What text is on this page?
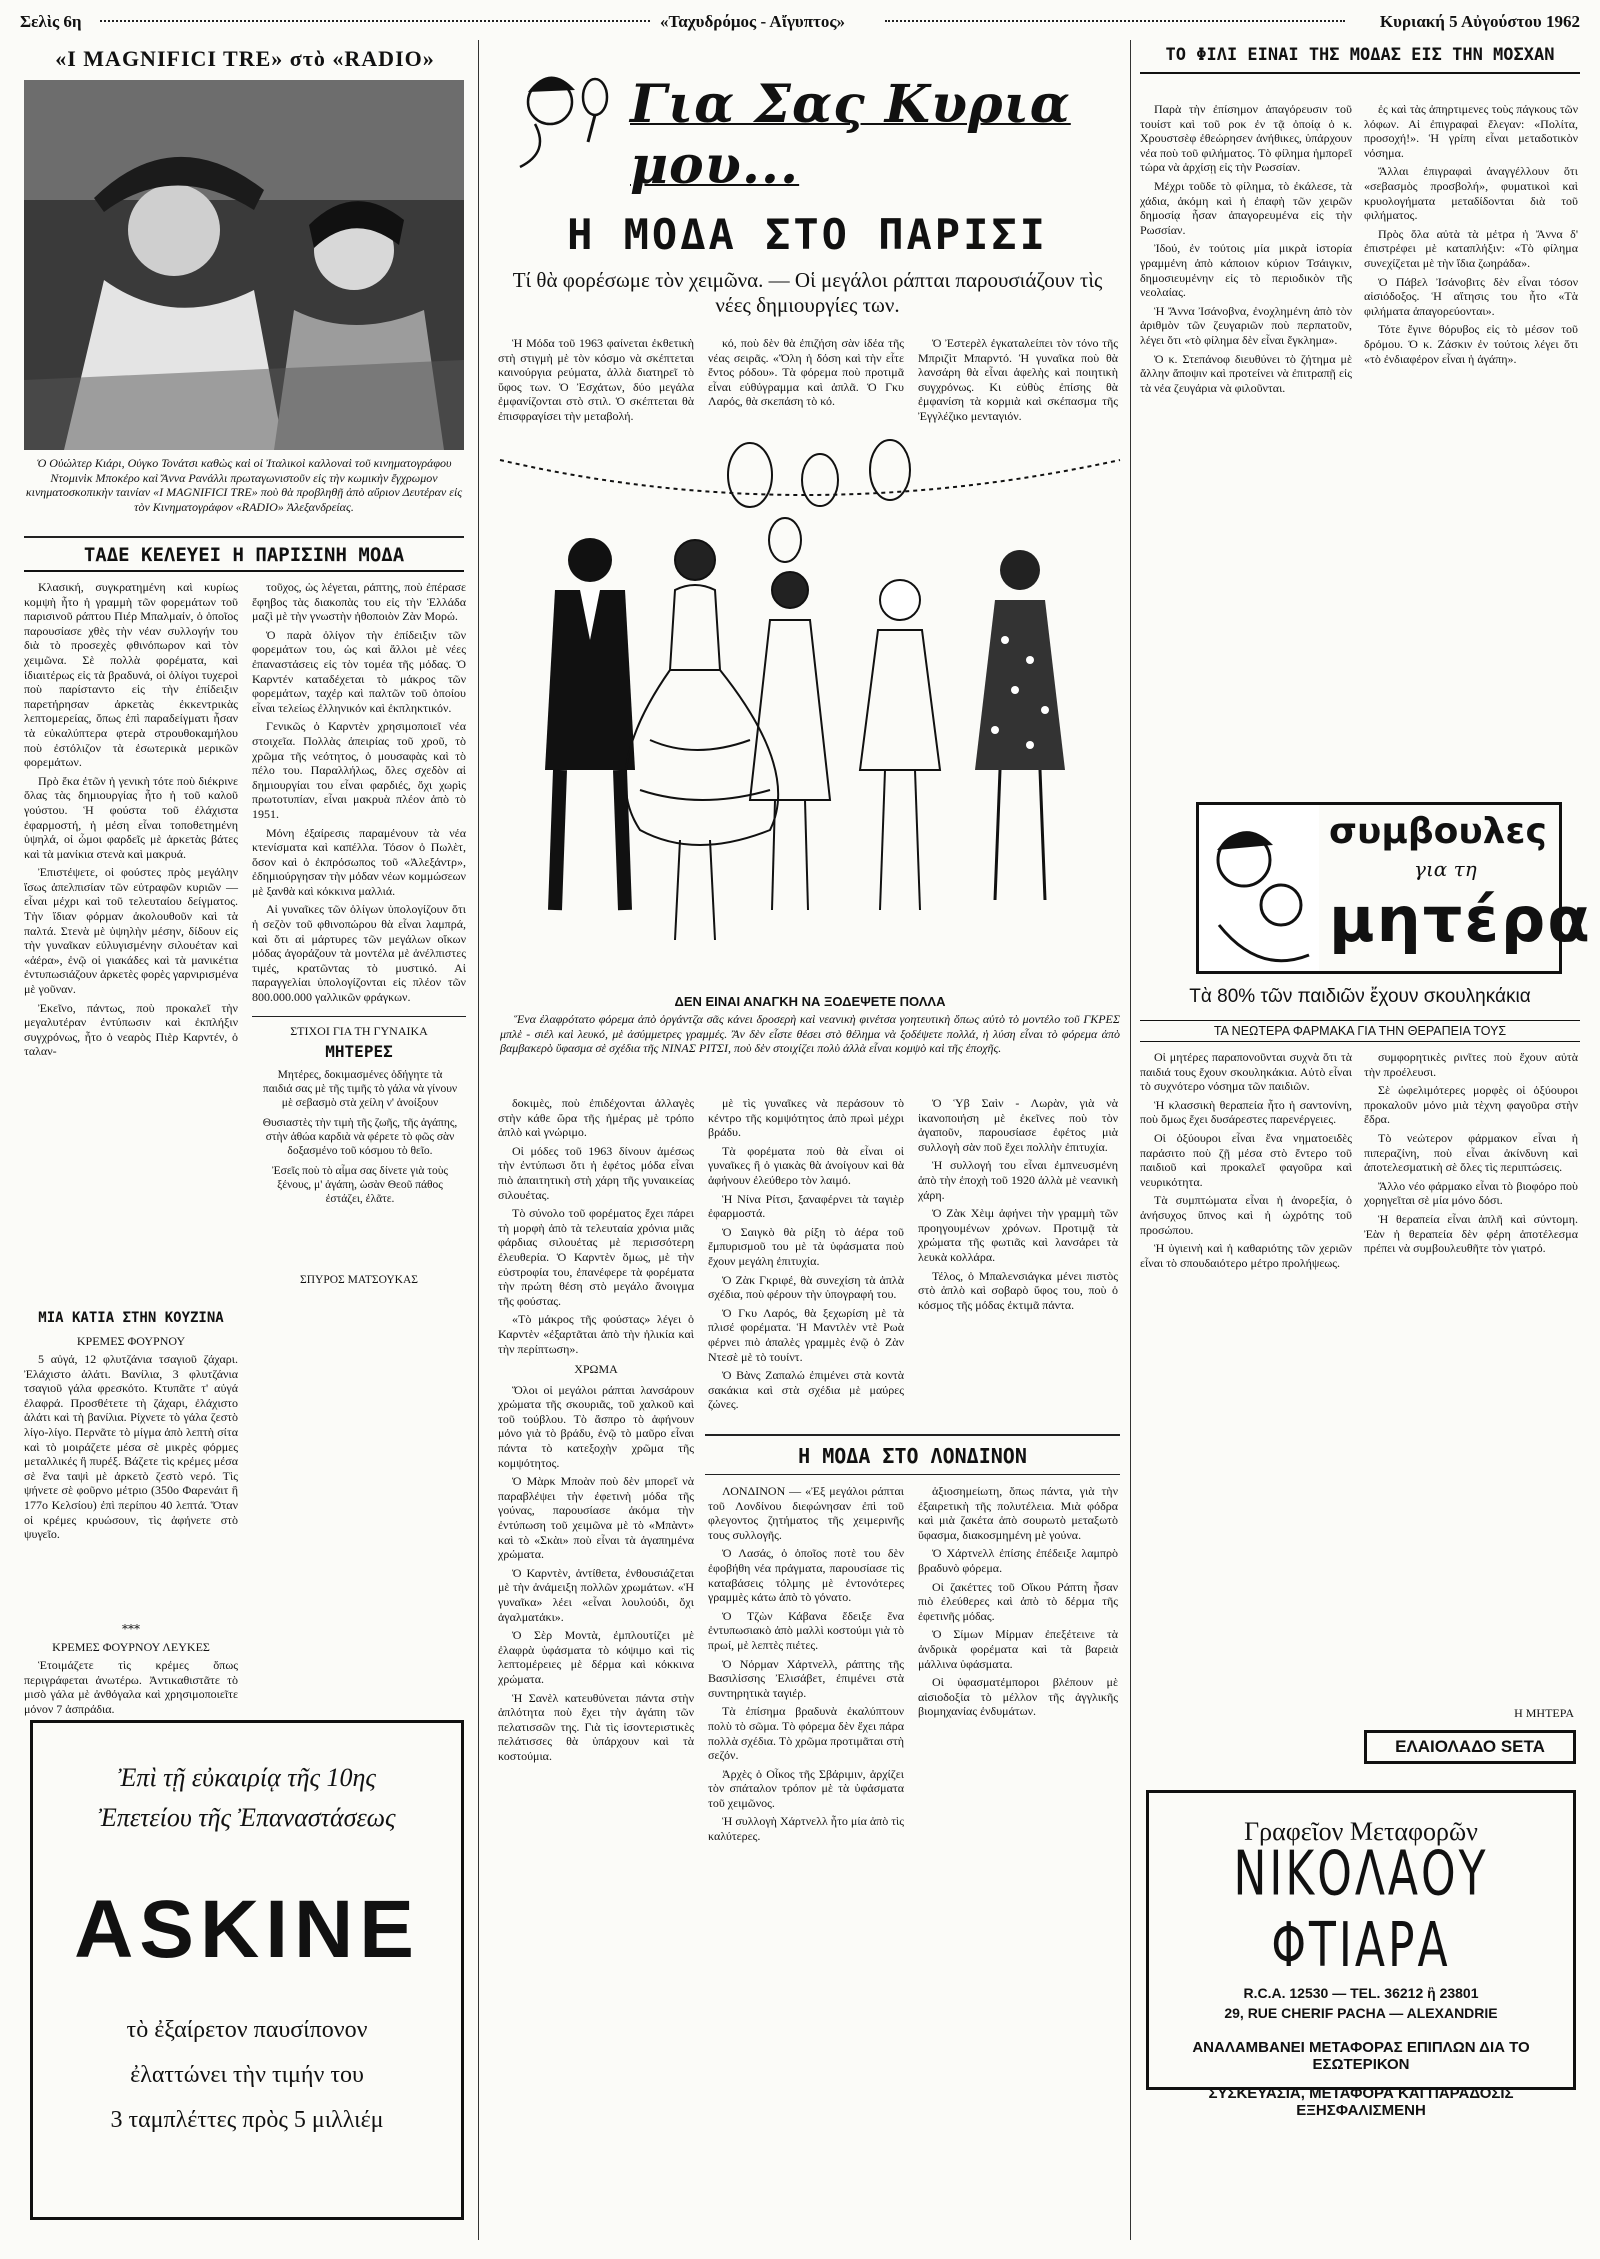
Σελὶς 6η	«Ταχυδρόμος - Αἴγυπτος»	Κυριακή 5 Αὐγούστου 1962
«I MAGNIFICI TRE» στὸ «RADIO»
Ὁ Οὐώλτερ Κιάρι, Οὐγκο Τονάτσι καθὼς καὶ οἱ Ἰταλικοὶ καλλοναὶ τοῦ κινηματογράφου Ντομινὶκ Μποκέρο καὶ Ἄννα Ρανάλλι πρωταγωνιστοῦν εἰς τὴν κωμικὴν ἔγχρωμον κινηματοσκοπικὴν ταινίαν «I MAGNIFICI TRE» ποὺ θὰ προβληθῇ ἀπὸ αὔριον Δευτέραν εἰς τὸν Κινηματογράφον «RADIO» Ἀλεξανδρείας.
ΤΑΔΕ ΚΕΛΕΥΕΙ Η ΠΑΡΙΣΙΝΗ ΜΟΔΑ

Κλασική, συγκρατημένη καὶ κυρίως κομψὴ ἦτο ἡ γραμμὴ τῶν φορεμάτων τοῦ παρισινοῦ ράπτου Πιέρ Μπαλμαίν, ὁ ὁποῖος παρουσίασε χθὲς τὴν νέαν συλλογήν του διὰ τὸ προσεχὲς φθινόπωρον καὶ τὸν χειμῶνα. Σὲ πολλὰ φορέματα, καὶ ἰδιαιτέρως εἰς τὰ βραδυνά, οἱ ὀλίγοι τυχεροὶ ποὺ παρίσταντο εἰς τὴν ἐπίδειξιν παρετήρησαν ἀρκετὰς ἐκκεντρικὰς λεπτομερείας, ὅπως ἐπὶ παραδείγματι ἦσαν τὰ εὐκαλύπτερα φτερὰ στρουθοκαμήλου ποὺ ἐστόλιζον τὰ ἐσωτερικὰ μερικῶν φορεμάτων.

Πρὸ ἔκα ἐτῶν ἡ γενικὴ τότε ποὺ διέκρινε ὅλας τὰς δημιουργίας ἦτο ἡ τοῦ καλοῦ γούστου. Ἡ φούστα τοῦ ἐλάχιστα ἐφαρμοστή, ἡ μέση εἶναι τοποθετημένη ὑψηλά, οἱ ὦμοι φαρδεῖς μὲ ἀρκετὰς βάτες καὶ τὰ μανίκια στενὰ καὶ μακρυά.

Ἐπιστέψετε, οἱ φούστες πρὸς μεγάλην ἴσως ἀπελπισίαν τῶν εὐτραφῶν κυριῶν — εἶναι μέχρι καὶ τοῦ τελευταίου δείγματος. Τὴν ἴδιαν φόρμαν ἀκολουθοῦν καὶ τὰ παλτά. Στενὰ μὲ ὑψηλὴν μέσην, δίδουν εἰς τὴν γυναῖκαν εὐλυγισμένην σιλουέταν καὶ «ἀέρα», ἐνῷ οἱ γιακάδες καὶ τὰ μανικέτια ἐντυπωσιάζουν ἀρκετὲς φορὲς γαρνιρισμένα μὲ γοῦναν.

Ἐκεῖνο, πάντως, ποὺ προκαλεῖ τὴν μεγαλυτέραν ἐντύπωσιν καὶ ἐκπλήξιν συγχρόνως, ἦτο ὁ νεαρὸς Πιὲρ Καρντέν, ὁ ταλαν-

τοῦχος, ὡς λέγεται, ράπτης, ποὺ ἐπέρασε ἔφηβος τὰς διακοπὰς του εἰς τὴν Ἑλλάδα μαζὶ μὲ τὴν γνωστὴν ἡθοποιὸν Ζὰν Μορώ.

Ὁ παρὰ ὀλίγον τὴν ἐπίδειξιν τῶν φορεμάτων του, ὡς καὶ ἄλλοι μὲ νέες ἐπαναστάσεις εἰς τὸν τομέα τῆς μόδας. Ὁ Καρντέν καταδέχεται τὸ μάκρος τῶν φορεμάτων, ταχέρ καὶ παλτῶν τοῦ ὁποίου εἶναι τελείως ἐλληνικόν καὶ ἐκπληκτικόν.

Γενικῶς ὁ Καρντὲν χρησιμοποιεῖ νέα στοιχεῖα. Πολλὰς ἀπειρίας τοῦ χροῦ, τὸ χρῶμα τῆς νεότητος, ὁ μουσαφὰς καὶ τὸ πέλο του. Παραλλήλως, ὅλες σχεδὸν αἱ δημιουργίαι του εἶναι φαρδιές, ὅχι χωρὶς πρωτοτυπίαν, εἶναι μακρυὰ πλέον ἀπὸ τὸ 1951.

Μόνη ἐξαίρεσις παραμένουν τὰ νέα κτενίσματα καὶ καπέλλα. Τόσον ὁ Πωλὲτ, ὅσον καὶ ὁ ἐκπρόσωπος τοῦ «Ἀλεξάντρ», ἐδημιούργησαν τὴν μόδαν νέων κομμώσεων μὲ ξανθὰ καὶ κόκκινα μαλλιά.

Αἱ γυναῖκες τῶν ὀλίγων ὑπολογίζουν ὅτι ἡ σεζὸν τοῦ φθινοπώρου θὰ εἶναι λαμπρά, καὶ ὅτι αἱ μάρτυρες τῶν μεγάλων οἴκων μόδας ἀγοράζουν τὰ μοντέλα μὲ ἀνέλπιστες τιμές, κρατῶντας τὸ μυστικό. Αἱ παραγγελίαι ὑπολογίζονται εἰς πλέον τῶν 800.000.000 γαλλικῶν φράγκων.

ΜΙΑ ΚΑΤΙΑ ΣΤΗΝ ΚΟΥΖΙΝΑ
ΚΡΕΜΕΣ ΦΟΥΡΝΟΥ

5 αὐγά, 12 φλυτζάνια τσαγιοῦ ζάχαρι. Ἐλάχιστο ἁλάτι. Βανίλια, 3 φλυτζάνια τσαγιοῦ γάλα φρεσκότο. Κτυπᾶτε τ' αὐγά ἐλαφρά. Προσθέτετε τὴ ζάχαρι, ἐλάχιστο ἁλάτι καὶ τὴ βανίλια. Ρίχνετε τὸ γάλα ζεστὸ λίγο-λίγο. Περνᾶτε τὸ μίγμα ἀπὸ λεπτὴ σίτα καὶ τὸ μοιράζετε μέσα σὲ μικρὲς φόρμες μεταλλικές ἢ πυρέξ. Βάζετε τὶς κρέμες μέσα σὲ ἕνα ταψὶ μὲ ἀρκετὸ ζεστὸ νερό. Τὶς ψήνετε σὲ φοῦρνο μέτριο (350ο Φαρενάιτ ἢ 177ο Κελσίου) ἐπὶ περίπου 40 λεπτά. Ὅταν οἱ κρέμες κρυώσουν, τὶς ἀφήνετε στὸ ψυγεῖο.

***
ΚΡΕΜΕΣ ΦΟΥΡΝΟΥ ΛΕΥΚΕΣ

Ἑτοιμάζετε τὶς κρέμες ὅπως περιγράφεται ἀνωτέρω. Ἀντικαθιστᾶτε τὸ μισὸ γάλα μὲ ἀνθόγαλα καὶ χρησιμοποιεῖτε μόνον 7 ἀσπράδια.

ΣΤΙΧΟΙ ΓΙΑ ΤΗ ΓΥΝΑΙΚΑ
ΜΗΤΕΡΕΣ
Μητέρες, δοκιμασμένες ὁδήγητε τὰ παιδιά σας μὲ τῆς τιμῆς τὸ γάλα νὰ γίνουν μὲ σεβασμὸ στὰ χείλη ν' ἀνοίξουν
Θυσιαστὲς τὴν τιμὴ τῆς ζωῆς, τῆς ἀγάπης, στὴν ἀθώα καρδιὰ νὰ φέρετε τὸ φῶς σὰν δοξασμένο τοῦ κόσμου τὸ θεῖο.
Ἐσεῖς ποὺ τὸ αἷμα σας δίνετε γιὰ τοὺς ξένους, μ' ἀγάπη, ὡσὰν Θεοῦ πάθος ἐστάζει, ἐλᾶτε.
ΣΠΥΡΟΣ ΜΑΤΣΟΥΚΑΣ
Ἐπὶ τῇ εὐκαιρίᾳ τῆς 10ης
Ἐπετείου τῆς Ἐπαναστάσεως
ASKINE
τὸ ἐξαίρετον παυσίπονον
ἐλαττώνει τὴν τιμήν του
3 ταμπλέττες πρὸς 5 μιλλιέμ
Για Σας Κυρια μου...
Η ΜΟΔΑ ΣΤΟ ΠΑΡΙΣΙ
Τί θὰ φορέσωμε τὸν χειμῶνα. — Οἱ μεγάλοι ράπται παρουσιάζουν τὶς νέες δημιουργίες των.

Ἡ Μόδα τοῦ 1963 φαίνεται ἐκθετικὴ στὴ στιγμὴ μὲ τὸν κόσμο νὰ σκέπτεται καινούργια ρεύματα, ἀλλὰ διατηρεῖ τὸ ὕφος των. Ὁ Ἐσχάτων, δύο μεγάλα ἐμφανίζονται στὸ στιλ. Ὁ σκέπτεται θὰ ἐπισφραγίσει τὴν μεταβολή.

κό, ποὺ δὲν θὰ ἐπιζήση σὰν ἰδέα τῆς νέας σειρᾶς. «Ὅλη ἡ δόση καὶ τὴν εἶτε ἔντος ρόδου». Τὰ φόρεμα ποὺ προτιμᾶ εἶναι εὐθύγραμμα καὶ ἁπλᾶ. Ὁ Γκυ Λαρός, θὰ σκεπάση τὸ κό.

Ὁ Ἐστερὲλ ἐγκαταλείπει τὸν τόνο τῆς Μπριζὶτ Μπαρντό. Ἡ γυναῖκα ποὺ θὰ λανσάρη θὰ εἶναι ἀφελὴς καὶ ποιητικὴ συγχρόνως. Κι εὐθὺς ἐπίσης θὰ ἐμφανίση τὰ κορμιὰ καὶ σκέπασμα τῆς Ἐγγλέζικο μενταγιόν.

ΔΕΝ ΕΙΝΑΙ ΑΝΑΓΚΗ ΝΑ ΞΟΔΕΨΕΤΕ ΠΟΛΛΑ

Ἕνα ἐλαφρότατο φόρεμα ἀπὸ ὀργάντζα σᾶς κάνει δροσερὴ καὶ νεανικὴ φινέτσα γοητευτικὴ ὅπως αὐτὸ τὸ μοντέλο τοῦ ΓΚΡΕΣ μπλὲ - σιέλ καὶ λευκό, μὲ ἀσύμμετρες γραμμές. Ἂν δὲν εἶστε θέσει στὸ θέλημα νὰ ξοδέψετε πολλά, ἡ λύση εἶναι τὸ φόρεμα ἀπὸ βαμβακερὸ ὕφασμα σὲ σχέδια τῆς ΝΙΝΑΣ ΡΙΤΣΙ, ποὺ δὲν στοιχίζει πολὺ ἀλλὰ εἶναι κομψὸ καὶ τῆς ἐποχῆς.

δοκιμὲς, ποὺ ἐπιδέχονται ἀλλαγὲς στὴν κάθε ὥρα τῆς ἡμέρας μὲ τρόπο ἁπλὸ καὶ γνώριμο.

Οἱ μόδες τοῦ 1963 δίνουν ἀμέσως τὴν ἐντύπωσι ὅτι ἡ ἐφέτος μόδα εἶναι πιὸ ἀπαιτητικὴ στὴ χάρη τῆς γυναικείας σιλουέτας.

Τὸ σύνολο τοῦ φορέματος ἔχει πάρει τὴ μορφὴ ἀπὸ τὰ τελευταία χρόνια μιᾶς φάρδιας σιλουέτας μὲ περισσότερη ἐλευθερία. Ὁ Καρντὲν ὅμως, μὲ τὴν εὐστροφία του, ἐπανέφερε τὰ φορέματα τὴν πρώτη θέση στὸ μεγάλο ἄνοιγμα τῆς φούστας.

«Τὸ μάκρος τῆς φούστας» λέγει ὁ Καρντὲν «ἐξαρτᾶται ἀπὸ τὴν ἡλικία καὶ τὴν περίπτωση».

ΧΡΩΜΑ

Ὅλοι οἱ μεγάλοι ράπται λανσάρουν χρώματα τῆς σκουριᾶς, τοῦ χαλκοῦ καὶ τοῦ τούβλου. Τὸ ἄσπρο τὸ ἀφήνουν μόνο γιὰ τὸ βράδυ, ἐνῷ τὸ μαῦρο εἶναι πάντα τὸ κατεξοχὴν χρῶμα τῆς κομψότητος.

Ὁ Μὰρκ Μποὰν ποὺ δὲν μπορεῖ νὰ παραβλέψει τὴν ἐφετινὴ μόδα τῆς γούνας, παρουσίασε ἀκόμα τὴν ἐντύπωση τοῦ χειμῶνα μὲ τὸ «Μπὰντ» καὶ τὸ «Σκὰι» ποὺ εἶναι τὰ ἀγαπημένα χρώματα.

Ὁ Καρντὲν, ἀντίθετα, ἐνθουσιάζεται μὲ τὴν ἀνάμειξη πολλῶν χρωμάτων. «Ἡ γυναῖκα» λέει «εἶναι λουλούδι, ὄχι ἀγαλματάκι».

Ὁ Σὲρ Μοντὰ, ἐμπλουτίζει μὲ ἐλαφρὰ ὑφάσματα τὸ κόψιμο καὶ τὶς λεπτομέρειες μὲ δέρμα καὶ κόκκινα χρώματα.

Ἡ Σανὲλ κατευθύνεται πάντα στὴν ἁπλότητα ποὺ ἔχει τὴν ἀγάπη τῶν πελατισσῶν της. Γιὰ τὶς ἰσοντεριστικὲς πελάτισσες θὰ ὑπάρχουν καὶ τὰ κοστούμια.

μὲ τὶς γυναῖκες νὰ περάσουν τὸ κέντρο τῆς κομψότητος ἀπὸ πρωὶ μέχρι βράδυ.

Τὰ φορέματα ποὺ θὰ εἶναι οἱ γυναῖκες ἢ ὁ γιακὰς θὰ ἀνοίγουν καὶ θὰ ἀφήνουν ἐλεύθερο τὸν λαιμό.

Ἡ Νίνα Ρίτσι, ξαναφέρνει τὰ ταγιὲρ ἐφαρμοστά.

Ὁ Σαιγκὸ θὰ ρίξη τὸ ἀέρα τοῦ ἔμπυρισμοῦ του μὲ τὰ ὑφάσματα ποὺ ἔχουν μεγάλη ἐπιτυχία.

Ὁ Ζὰκ Γκριφέ, θὰ συνεχίση τὰ ἁπλὰ σχέδια, ποὺ φέρουν τὴν ὑπογραφή του.

Ὁ Γκυ Λαρός, θὰ ξεχωρίση μὲ τὰ πλισέ φορέματα. Ἡ Μαντλὲν ντὲ Ρωὰ φέρνει πιὸ ἀπαλὲς γραμμὲς ἐνῷ ὁ Ζὰν Ντεσὲ μὲ τὸ τουίντ.

Ὁ Βὰνς Ζαπαλώ ἐπιμένει στὰ κοντὰ σακάκια καὶ στὰ σχέδια μὲ μαύρες ζώνες.

Ὁ Ὑβ Σαὶν - Λωρὰν, γιὰ νὰ ἱκανοποιήση μὲ ἐκεῖνες ποὺ τὸν ἀγαποῦν, παρουσίασε ἐφέτος μιὰ συλλογὴ σὰν ποῦ ἔχει πολλὴν ἐπιτυχία.

Ἡ συλλογή του εἶναι ἐμπνευσμένη ἀπὸ τὴν ἐποχὴ τοῦ 1920 ἀλλὰ μὲ νεανικὴ χάρη.

Ὁ Ζὰκ Χὲιμ ἀφήνει τὴν γραμμὴ τῶν προηγουμένων χρόνων. Προτιμᾷ τὰ χρώματα τῆς φωτιᾶς καὶ λανσάρει τὰ λευκὰ κολλάρα.

Τέλος, ὁ Μπαλενσιάγκα μένει πιστὸς στὸ ἁπλὸ καὶ σοβαρὸ ὕφος του, ποὺ ὁ κόσμος τῆς μόδας ἐκτιμᾶ πάντα.

Η ΜΟΔΑ ΣΤΟ ΛΟΝΔΙΝΟΝ

ΛΟΝΔΙΝΟΝ — «Ἐξ μεγάλοι ράπται τοῦ Λονδίνου διεφώνησαν ἐπὶ τοῦ φλεγοντος ζητήματος τῆς χειμερινῆς τους συλλογῆς.

Ὁ Λασάς, ὁ ὁποῖος ποτὲ του δὲν ἐφοβήθη νέα πράγματα, παρουσίασε τὶς καταβάσεις τόλμης μὲ ἐντονότερες γραμμὲς κάτω ἀπὸ τὸ γόνατο.

Ὁ Τζὼν Κάβανα ἔδειξε ἕνα ἐντυπωσιακὸ ἀπὸ μαλλὶ κοστούμι γιὰ τὸ πρωί, μὲ λεπτὲς πιέτες.

Ὁ Νόρμαν Χάρτνελλ, ράπτης τῆς Βασιλίσσης Ἐλισάβετ, ἐπιμένει στὰ συντηρητικὰ ταγιέρ.

Τὰ ἐπίσημα βραδυνὰ ἐκαλύπτουν πολὺ τὸ σῶμα. Τὸ φόρεμα δὲν ἔχει πάρα πολλὰ σχέδια. Τὸ χρῶμα προτιμᾶται στὴ σεζόν.

Ἀρχὲς ὁ Οἶκος τῆς Σβάριμιν, ἀρχίζει τὸν σπάταλον τρόπον μὲ τὰ ὑφάσματα τοῦ χειμῶνος.

Ἡ συλλογὴ Χάρτνελλ ἦτο μία ἀπὸ τὶς καλύτερες.

ἀξιοσημείωτη, ὅπως πάντα, γιὰ τὴν ἐξαιρετικὴ τῆς πολυτέλεια. Μιὰ φόδρα καὶ μιὰ ζακέτα ἀπὸ σουρωτὸ μεταξωτὸ ὕφασμα, διακοσμημένη μὲ γούνα.

Ὁ Χάρτνελλ ἐπίσης ἐπέδειξε λαμπρὸ βραδυνὸ φόρεμα.

Οἱ ζακέττες τοῦ Οἴκου Ράπτη ἦσαν πιὸ ἐλεύθερες καὶ ἀπὸ τὸ δέρμα τῆς ἐφετινῆς μόδας.

Ὁ Σίμων Μίρμαν ἐπεξέτεινε τὰ ἀνδρικὰ φορέματα καὶ τὰ βαρειὰ μάλλινα ὑφάσματα.

Οἱ ὑφασματέμποροι βλέπουν μὲ αἰσιοδοξία τὸ μέλλον τῆς ἀγγλικῆς βιομηχανίας ἐνδυμάτων.

ΤΟ ΦΙΛΙ ΕΙΝΑΙ ΤΗΣ ΜΟΔΑΣ ΕΙΣ ΤΗΝ ΜΟΣΧΑΝ

Παρὰ τὴν ἐπίσημον ἀπαγόρευσιν τοῦ τουίστ καὶ τοῦ ροκ ἐν τᾷ ὁποίᾳ ὁ κ. Χρουστσὲφ ἐθεώρησεν ἀνήθικες, ὑπάρχουν νέα ποὺ τοῦ φιλήματος. Τὸ φίλημα ἠμπορεῖ τώρα νὰ ἀρχίσῃ εἰς τὴν Ρωσσίαν.

Μέχρι τοῦδε τὸ φίλημα, τὸ ἐκάλεσε, τὰ χάδια, ἀκόμη καὶ ἡ ἐπαφὴ τῶν χειρῶν δημοσίᾳ ἦσαν ἀπαγορευμένα εἰς τὴν Ρωσσίαν.

Ἰδού, ἐν τούτοις μία μικρὰ ἱστορία γραμμένη ἀπὸ κάποιον κύριον Τσάιγκιν, δημοσιευμένην εἰς τὸ περιοδικὸν τῆς νεολαίας.

Ἡ Ἄννα Ἰσάνοβνα, ἐνοχλημένη ἀπὸ τὸν ἀριθμὸν τῶν ζευγαριῶν ποὺ περπατοῦν, λέγει ὅτι «τὸ φίλημα δὲν εἶναι ἔγκλημα».

Ὁ κ. Στεπάνοφ διευθύνει τὸ ζήτημα μὲ ἄλλην ἄποψιν καὶ προτείνει νὰ ἐπιτραπῇ εἰς τὰ νέα ζευγάρια νὰ φιλοῦνται.

ἐς καὶ τὰς ἀπηρτιμενες τοὺς πάγκους τῶν λόφων. Αἱ ἐπιγραφαὶ ἔλεγαν: «Πολίτα, προσοχή!». Ἡ γρίπη εἶναι μεταδοτικὸν νόσημα.

Ἄλλαι ἐπιγραφαὶ ἀναγγέλλουν ὅτι «σεβασμὸς προσβολή», φυματικοὶ καὶ κρυολογήματα μεταδίδονται διὰ τοῦ φιλήματος.

Πρὸς ὅλα αὐτὰ τὰ μέτρα ἡ Ἄννα δ' ἐπιστρέφει μὲ καταπλήξιν: «Τὸ φίλημα συνεχίζεται μὲ τὴν ἴδια ζωηράδα».

Ὁ Πάβελ Ἰσάνοβιτς δὲν εἶναι τόσον αἰσιόδοξος. Ἡ αἴτησις του ἦτο «Τὰ φιλήματα ἀπαγορεύονται».

Τότε ἔγινε θόρυβος εἰς τὸ μέσον τοῦ δρόμου. Ὁ κ. Ζάσκιν ἐν τούτοις λέγει ὅτι «τὸ ἐνδιαφέρον εἶναι ἡ ἀγάπη».

συμβουλες
για τη
μητέρα
Τὰ 80% τῶν παιδιῶν ἔχουν σκουληκάκια
ΤΑ ΝΕΩΤΕΡΑ ΦΑΡΜΑΚΑ ΓΙΑ ΤΗΝ ΘΕΡΑΠΕΙΑ ΤΟΥΣ

Οἱ μητέρες παραπονοῦνται συχνὰ ὅτι τὰ παιδιά τους ἔχουν σκουληκάκια. Αὐτὸ εἶναι τὸ συχνότερο νόσημα τῶν παιδιῶν.

Ἡ κλασσικὴ θεραπεία ἦτο ἡ σαντονίνη, ποὺ ὅμως ἔχει δυσάρεστες παρενέργειες.

Οἱ ὀξύουροι εἶναι ἕνα νηματοειδὲς παράσιτο ποὺ ζῇ μέσα στὸ ἔντερο τοῦ παιδιοῦ καὶ προκαλεῖ φαγοῦρα καὶ νευρικότητα.

Τὰ συμπτώματα εἶναι ἡ ἀνορεξία, ὁ ἀνήσυχος ὕπνος καὶ ἡ ὠχρότης τοῦ προσώπου.

Ἡ ὑγιεινὴ καὶ ἡ καθαριότης τῶν χεριῶν εἶναι τὸ σπουδαιότερο μέτρο προλήψεως.

συμφορητικὲς ρινῖτες ποὺ ἔχουν αὐτὰ τὴν προέλευσι.

Σὲ ὠφελιμότερες μορφὲς οἱ ὀξύουροι προκαλοῦν μόνο μιὰ τὲχνη φαγοῦρα στὴν ἔδρα.

Τὸ νεώτερον φάρμακον εἶναι ἡ πιπεραζίνη, ποὺ εἶναι ἀκίνδυνη καὶ ἀποτελεσματικὴ σὲ ὅλες τὶς περιπτώσεις.

Ἄλλο νέο φάρμακο εἶναι τὸ βιοφόρο ποὺ χορηγεῖται σὲ μία μόνο δόσι.

Ἡ θεραπεία εἶναι ἁπλῆ καὶ σύντομη. Ἐὰν ἡ θεραπεία δὲν φέρη ἀποτέλεσμα πρέπει νὰ συμβουλευθῆτε τὸν γιατρό.

Η ΜΗΤΕΡΑ
ΕΛΑΙΟΛΑΔΟ SETA
Γραφεῖον Μεταφορῶν
ΝΙΚΟΛΑΟΥ ΦΤΙΑΡΑ
R.C.A. 12530 — TEL. 36212 ἢ 23801
29, RUE CHERIF PACHA — ALEXANDRIE
ΑΝΑΛΑΜΒΑΝΕΙ ΜΕΤΑΦΟΡΑΣ ΕΠΙΠΛΩΝ ΔΙΑ ΤΟ ΕΣΩΤΕΡΙΚΟΝ
ΣΥΣΚΕΥΑΣΙΑ, ΜΕΤΑΦΟΡΑ ΚΑΙ ΠΑΡΑΔΟΣΙΣ ΕΞΗΣΦΑΛΙΣΜΕΝΗ
